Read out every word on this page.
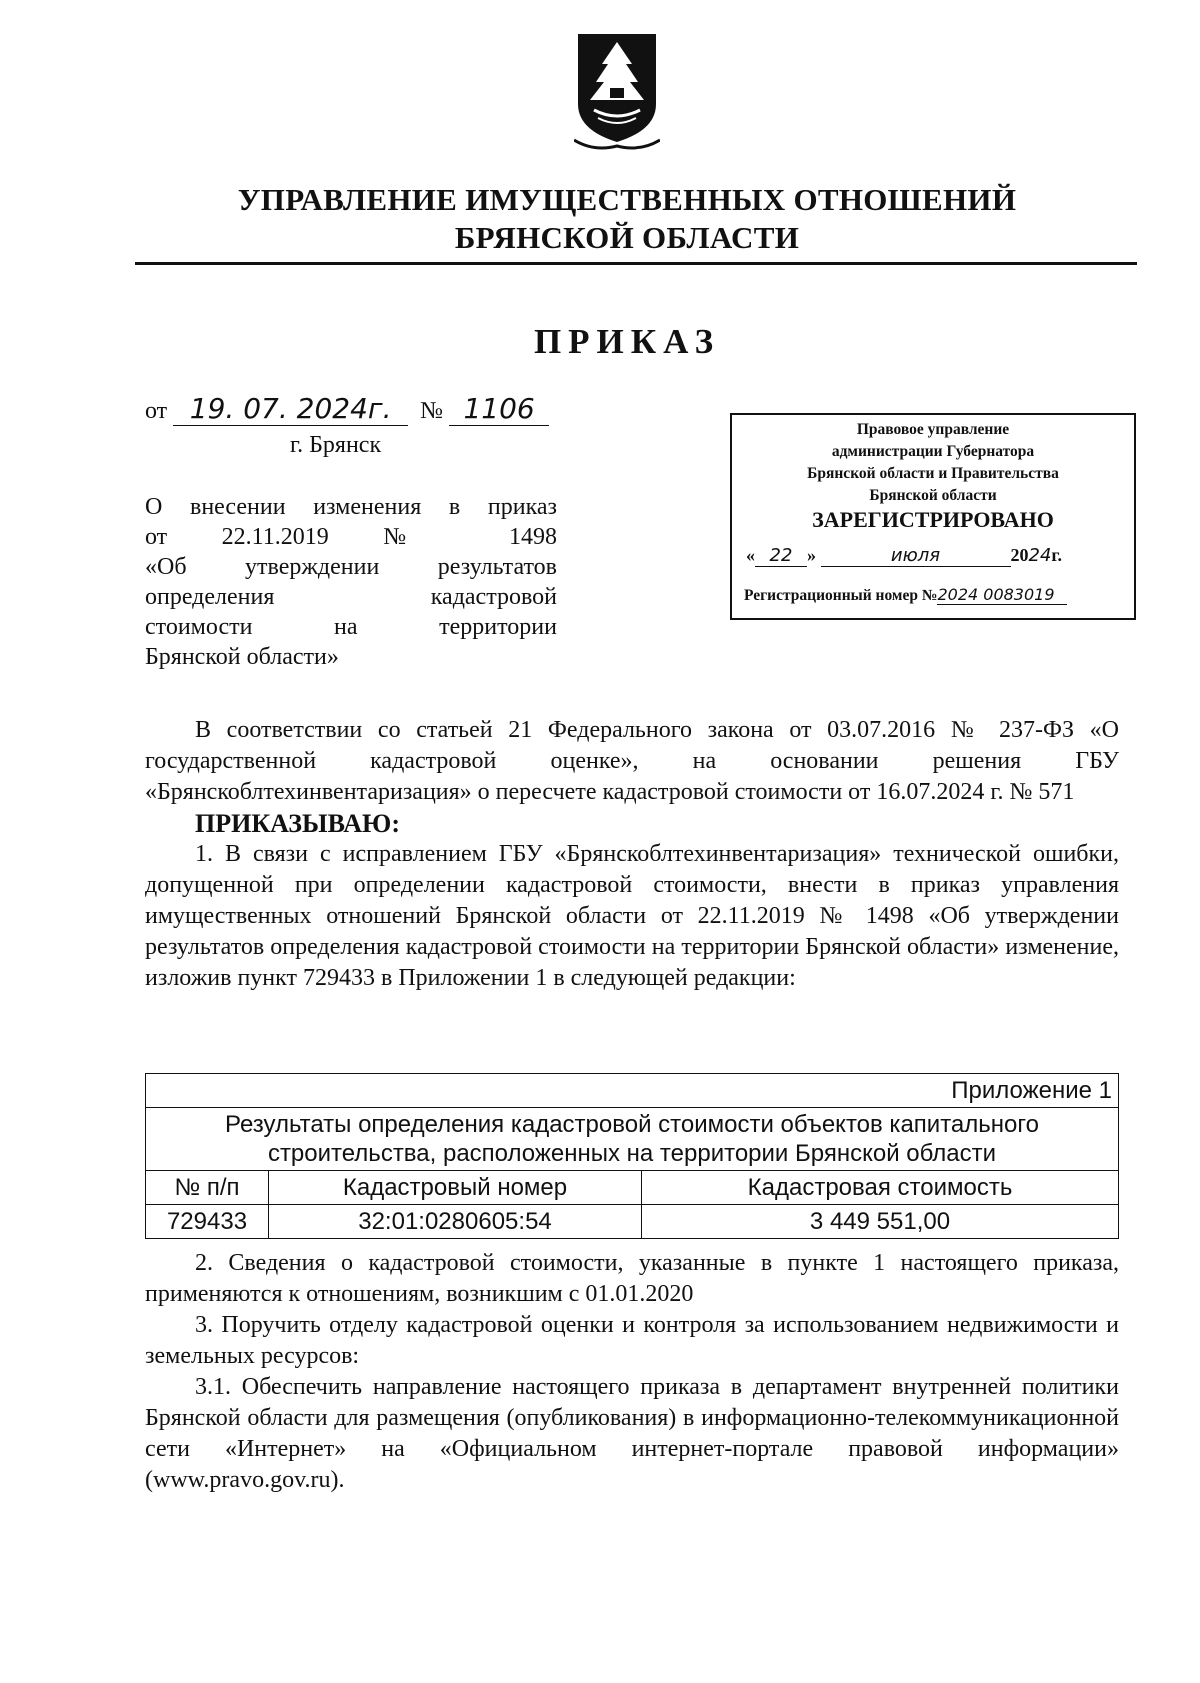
УПРАВЛЕНИЕ ИМУЩЕСТВЕННЫХ ОТНОШЕНИЙ
БРЯНСКОЙ ОБЛАСТИ
ПРИКАЗ
от 19. 07. 2024г. № 1106
г. Брянск
О внесении изменения в приказ
от 22.11.2019 № 1498
«Об утверждении результатов
определения кадастровой
стоимости на территории
Брянской области»
Правовое управление
администрации Губернатора
Брянской области и Правительства
Брянской области
ЗАРЕГИСТРИРОВАНО
« 22 »	июля	2024г.
Регистрационный номер №2024 0083019

В соответствии со статьей 21 Федерального закона от 03.07.2016 № 237-ФЗ «О государственной кадастровой оценке», на основании решения ГБУ «Брянскоблтехинвентаризация» о пересчете кадастровой стоимости от 16.07.2024 г. № 571

ПРИКАЗЫВАЮ:

1. В связи с исправлением ГБУ «Брянскоблтехинвентаризация» технической ошибки, допущенной при определении кадастровой стоимости, внести в приказ управления имущественных отношений Брянской области от 22.11.2019 № 1498 «Об утверждении результатов определения кадастровой стоимости на территории Брянской области» изменение, изложив пункт 729433 в Приложении 1 в следующей редакции:

Приложение 1		
Результаты определения кадастровой стоимости объектов капитального строительства, расположенных на территории Брянской области		
№ п/п	Кадастровый номер	Кадастровая стоимость
729433	32:01:0280605:54	3 449 551,00

2. Сведения о кадастровой стоимости, указанные в пункте 1 настоящего приказа, применяются к отношениям, возникшим с 01.01.2020

3. Поручить отделу кадастровой оценки и контроля за использованием недвижимости и земельных ресурсов:

3.1. Обеспечить направление настоящего приказа в департамент внутренней политики Брянской области для размещения (опубликования) в информационно-телекоммуникационной сети «Интернет» на «Официальном интернет-портале правовой информации» (www.pravo.gov.ru).
